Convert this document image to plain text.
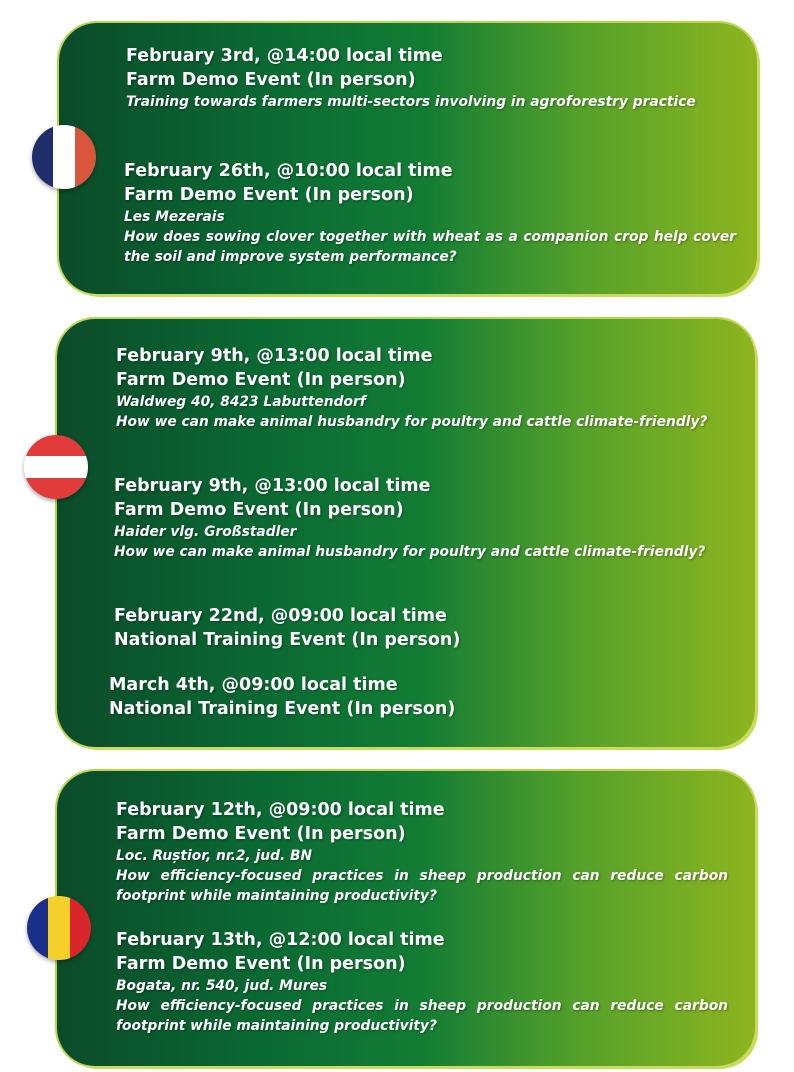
February 3rd, @14:00 local time
Farm Demo Event (In person)
Training towards farmers multi-sectors involving in agroforestry practice
February 26th, @10:00 local time
Farm Demo Event (In person)
Les Mezerais
How does sowing clover together with wheat as a companion crop help cover the soil and improve system performance?
February 9th, @13:00 local time
Farm Demo Event (In person)
Waldweg 40, 8423 Labuttendorf
How we can make animal husbandry for poultry and cattle climate-friendly?
February 9th, @13:00 local time
Farm Demo Event (In person)
Haider vlg. Großstadler
How we can make animal husbandry for poultry and cattle climate-friendly?
February 22nd, @09:00 local time
National Training Event (In person)
March 4th, @09:00 local time
National Training Event (In person)
February 12th, @09:00 local time
Farm Demo Event (In person)
Loc. Ruștior, nr.2, jud. BN
How efficiency-focused practices in sheep production can reduce carbon footprint while maintaining productivity?
February 13th, @12:00 local time
Farm Demo Event (In person)
Bogata, nr. 540, jud. Mures
How efficiency-focused practices in sheep production can reduce carbon footprint while maintaining productivity?
